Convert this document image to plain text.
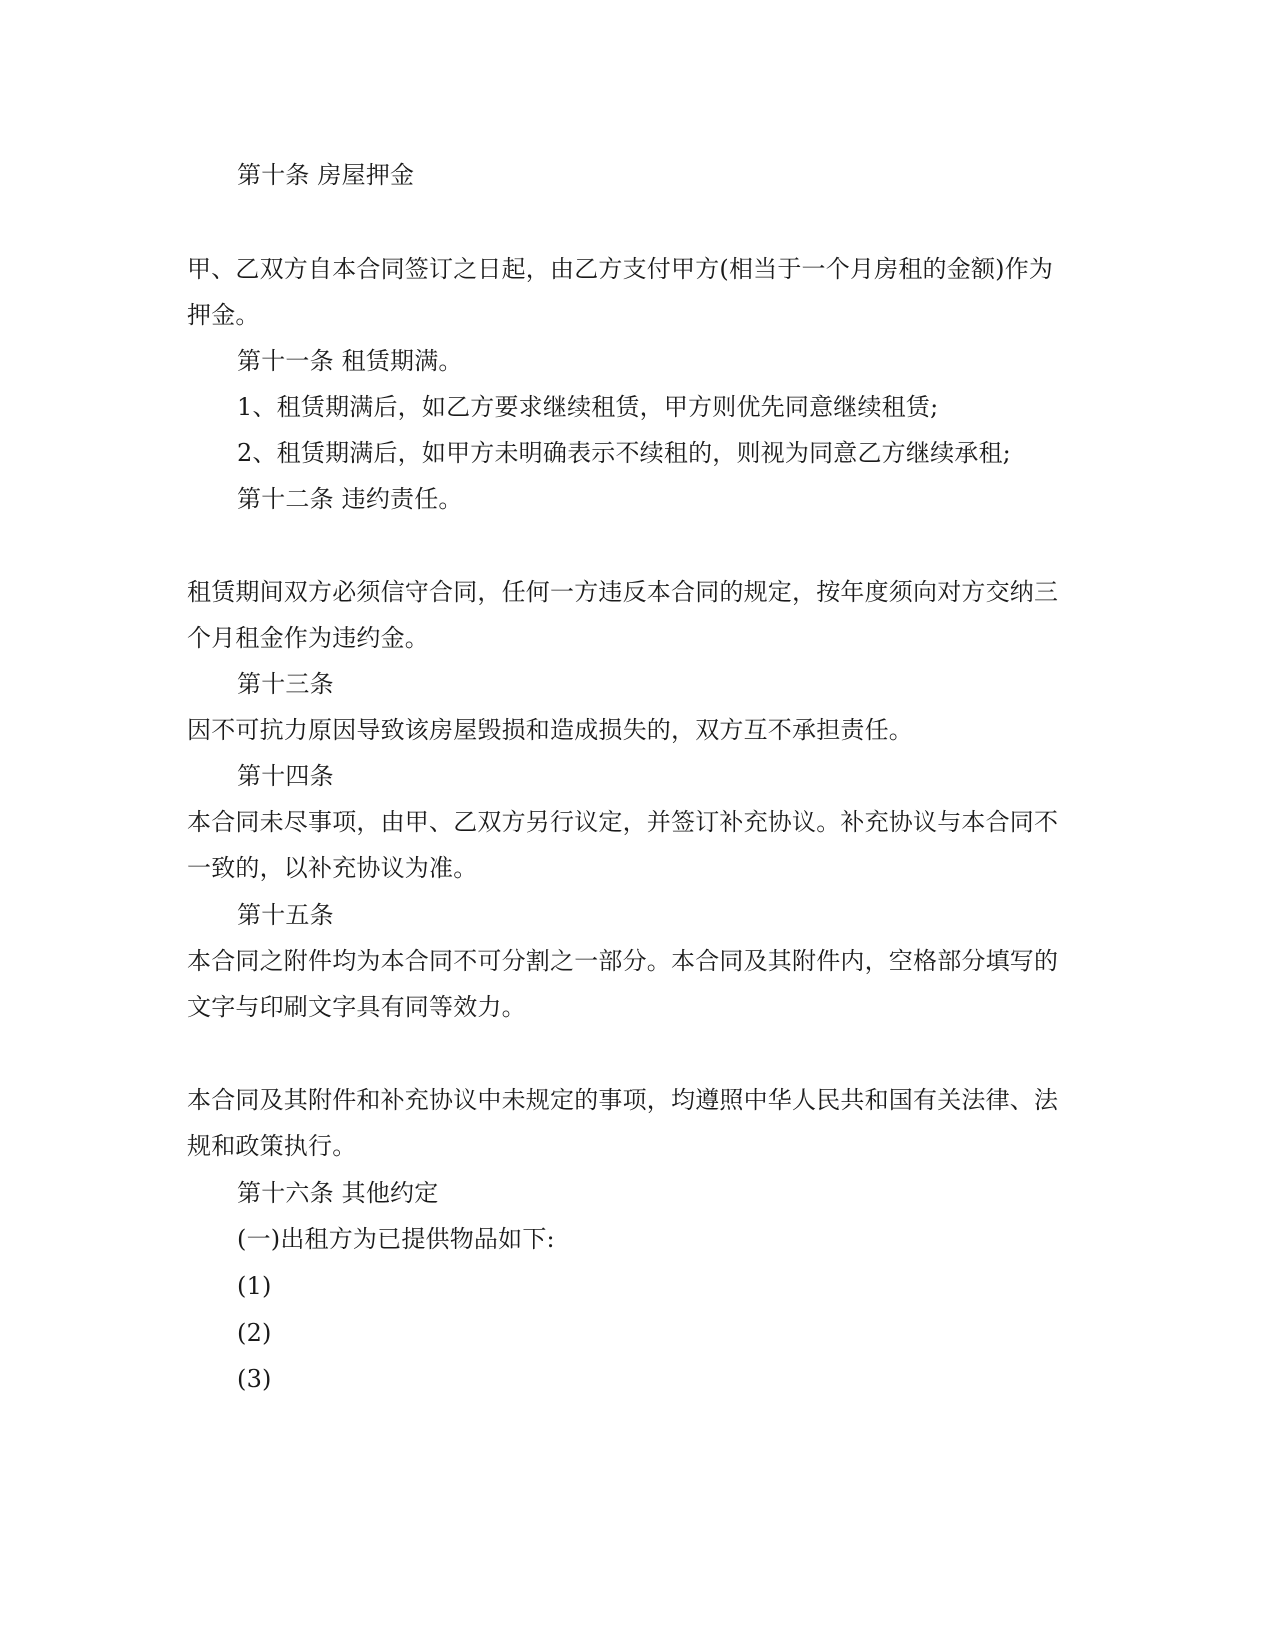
第十条 房屋押金
甲、乙双方自本合同签订之日起，由乙方支付甲方(相当于一个月房租的金额)作为
押金。
第十一条 租赁期满。
1、租赁期满后，如乙方要求继续租赁，甲方则优先同意继续租赁;
2、租赁期满后，如甲方未明确表示不续租的，则视为同意乙方继续承租;
第十二条 违约责任。
租赁期间双方必须信守合同，任何一方违反本合同的规定，按年度须向对方交纳三
个月租金作为违约金。
第十三条
因不可抗力原因导致该房屋毁损和造成损失的，双方互不承担责任。
第十四条
本合同未尽事项，由甲、乙双方另行议定，并签订补充协议。补充协议与本合同不
一致的，以补充协议为准。
第十五条
本合同之附件均为本合同不可分割之一部分。本合同及其附件内，空格部分填写的
文字与印刷文字具有同等效力。
本合同及其附件和补充协议中未规定的事项，均遵照中华人民共和国有关法律、法
规和政策执行。
第十六条 其他约定
(一)出租方为已提供物品如下:
(1)
(2)
(3)
